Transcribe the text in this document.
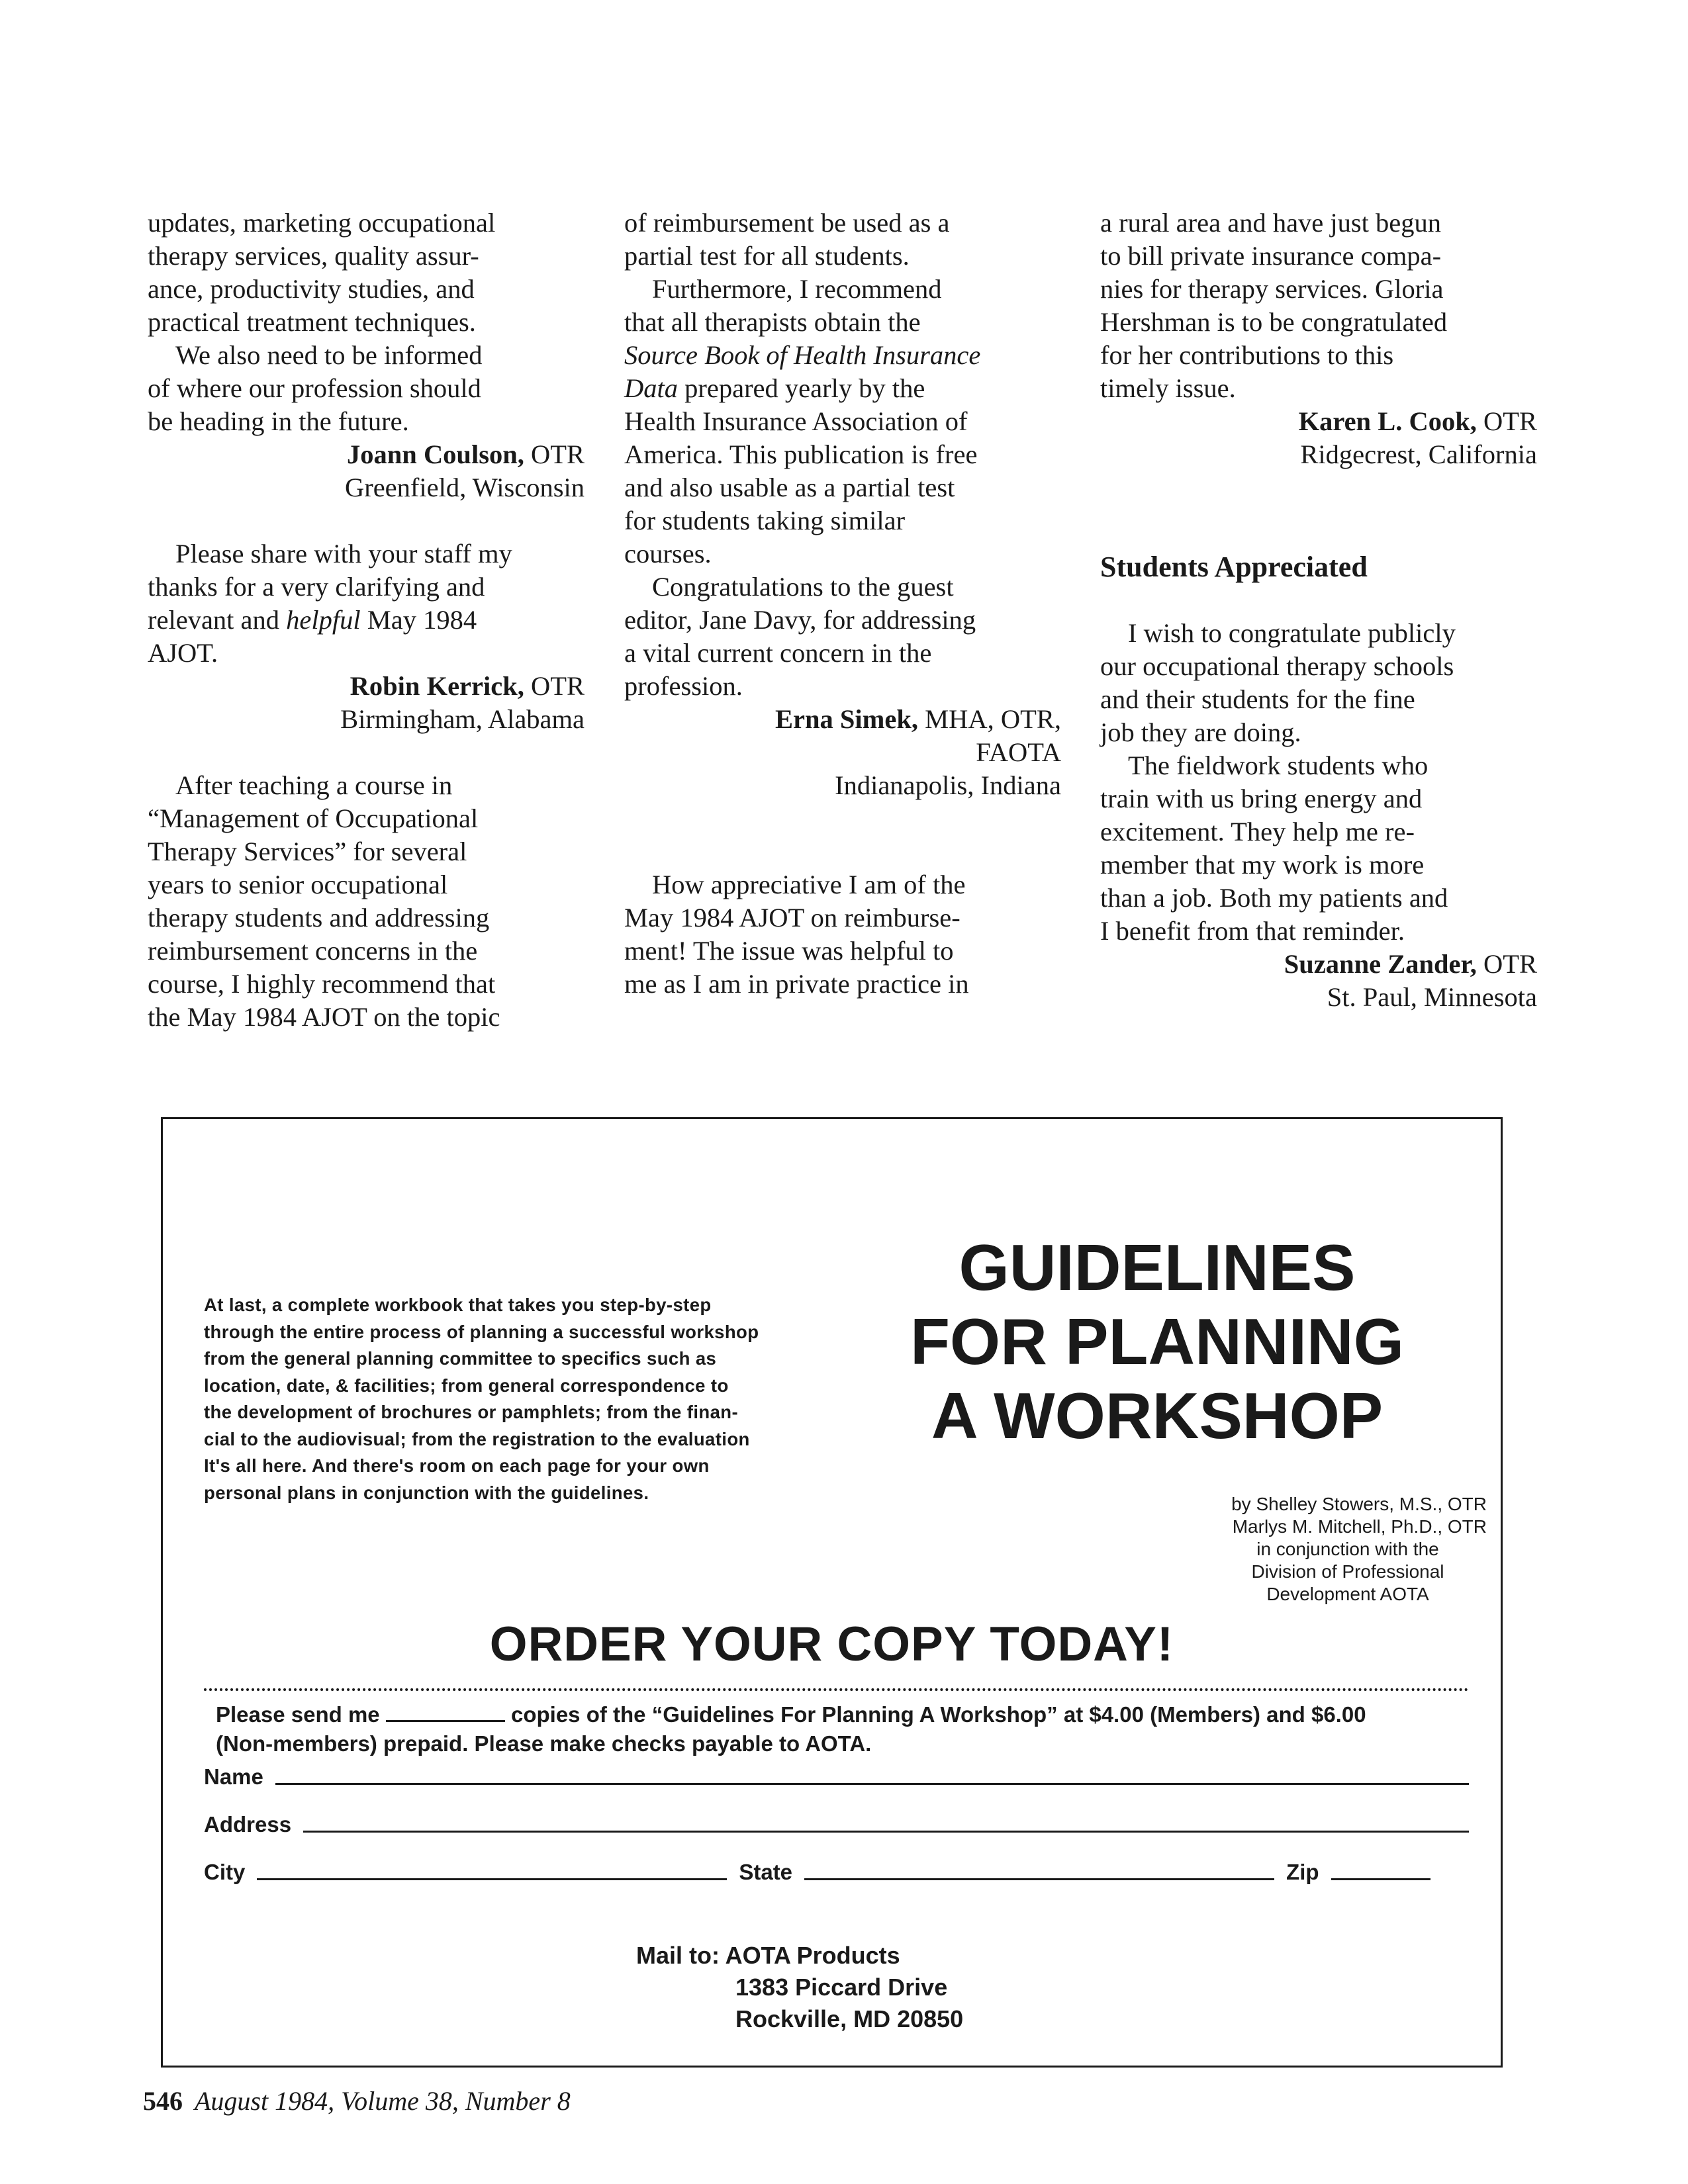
updates, marketing occupational
therapy services, quality assur-
ance, productivity studies, and
practical treatment techniques.

We also need to be informed
of where our profession should
be heading in the future.

Joann Coulson, OTR
Greenfield, Wisconsin

Please share with your staff my
thanks for a very clarifying and
relevant and helpful May 1984
AJOT.

Robin Kerrick, OTR
Birmingham, Alabama

After teaching a course in
“Management of Occupational
Therapy Services” for several
years to senior occupational
therapy students and addressing
reimbursement concerns in the
course, I highly recommend that
the May 1984 AJOT on the topic

of reimbursement be used as a
partial test for all students.

Furthermore, I recommend
that all therapists obtain the
Source Book of Health Insurance
Data prepared yearly by the
Health Insurance Association of
America. This publication is free
and also usable as a partial test
for students taking similar
courses.

Congratulations to the guest
editor, Jane Davy, for addressing
a vital current concern in the
profession.

Erna Simek, MHA, OTR,
FAOTA
Indianapolis, Indiana

How appreciative I am of the
May 1984 AJOT on reimburse-
ment! The issue was helpful to
me as I am in private practice in

a rural area and have just begun
to bill private insurance compa-
nies for therapy services. Gloria
Hershman is to be congratulated
for her contributions to this
timely issue.

Karen L. Cook, OTR
Ridgecrest, California

Students Appreciated

I wish to congratulate publicly
our occupational therapy schools
and their students for the fine
job they are doing.

The fieldwork students who
train with us bring energy and
excitement. They help me re-
member that my work is more
than a job. Both my patients and
I benefit from that reminder.

Suzanne Zander, OTR
St. Paul, Minnesota

At last, a complete workbook that takes you step-by-step
through the entire process of planning a successful workshop
from the general planning committee to specifics such as
location, date, & facilities; from general correspondence to
the development of brochures or pamphlets; from the finan-
cial to the audiovisual; from the registration to the evaluation
It's all here. And there's room on each page for your own
personal plans in conjunction with the guidelines.

GUIDELINES
FOR PLANNING
A WORKSHOP
by Shelley Stowers, M.S., OTR
Marlys M. Mitchell, Ph.D., OTR
in conjunction with the
Division of Professional
Development AOTA
ORDER YOUR COPY TODAY!
Please send me	copies of the “Guidelines For Planning A Workshop” at $4.00 (Members) and $6.00
(Non-members) prepaid. Please make checks payable to AOTA.
Name
Address
City	State	Zip
Mail to: AOTA Products
1383 Piccard Drive
Rockville, MD 20850
546 August 1984, Volume 38, Number 8
